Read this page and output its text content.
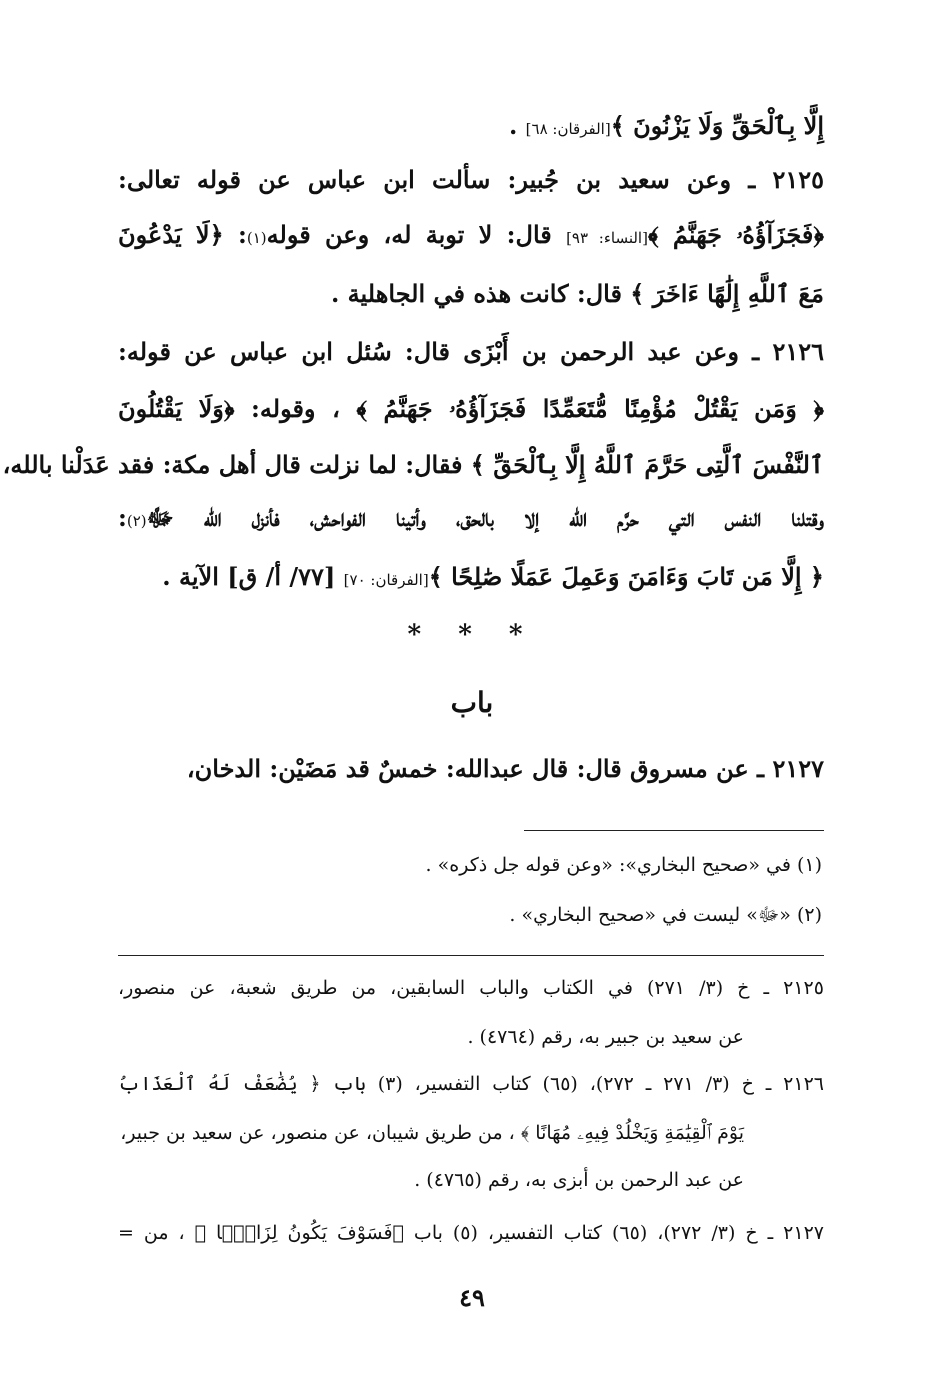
إِلَّا بِٱلْحَقِّ وَلَا يَزْنُونَ ﴾[الفرقان: ٦٨] .
٢١٢٥ ـ وعن سعيد بن جُبير: سألت ابن عباس عن قوله تعالى:
﴿فَجَزَآؤُهُۥ جَهَنَّمُ ﴾[النساء: ٩٣] قال: لا توبة له، وعن قوله(١): ﴿لَا يَدْعُونَ
مَعَ ٱللَّهِ إِلَٰهًا ءَاخَرَ ﴾ قال: كانت هذه في الجاهلية .
٢١٢٦ ـ وعن عبد الرحمن بن أَبْزَى قال: سُئل ابن عباس عن قوله:
﴿ وَمَن يَقْتُلْ مُؤْمِنًا مُّتَعَمِّدًا فَجَزَآؤُهُۥ جَهَنَّمُ ﴾ ، وقوله: ﴿وَلَا يَقْتُلُونَ
ٱلنَّفْسَ ٱلَّتِى حَرَّمَ ٱللَّهُ إِلَّا بِٱلْحَقِّ ﴾ فقال: لما نزلت قال أهل مكة: فقد عَدَلْنا بالله،
وقتلنا النفس التي حرَّم الله إلا بالحق، وأتينا الفواحش، فأنزل الله ﷻ(٢):
﴿ إِلَّا مَن تَابَ وَءَامَنَ وَعَمِلَ عَمَلًا صَٰلِحًا ﴾[الفرقان: ٧٠] [٧٧/ أ/ ق] الآية .
* * *
باب
٢١٢٧ ـ عن مسروق قال: قال عبدالله: خمسٌ قد مَضَيْن: الدخان،
(١) في «صحيح البخاري»: «وعن قوله جل ذكره» .
(٢) «ﷻ» ليست في «صحيح البخاري» .
٢١٢٥ ـ خ (٣/ ٢٧١) في الكتاب والباب السابقين، من طريق شعبة، عن منصور،
عن سعيد بن جبير به، رقم (٤٧٦٤) .
٢١٢٦ ـ خ (٣/ ٢٧١ ـ ٢٧٢)، (٦٥) كتاب التفسير، (٣) باب ﴿ يُضَٰعَفْ لَهُ ٱلْعَذَابُ
يَوْمَ ٱلْقِيَٰمَةِ وَيَخْلُدْ فِيهِۦ مُهَانًا ﴾ ، من طريق شيبان، عن منصور، عن سعيد بن جبير،
عن عبد الرحمن بن أبزى به، رقم (٤٧٦٥) .
٢١٢٧ ـ خ (٣/ ٢٧٢)، (٦٥) كتاب التفسير، (٥) باب ﴿فَسَوْفَ يَكُونُ لِزَامًۢا ﴾ ، من =
٤٩
